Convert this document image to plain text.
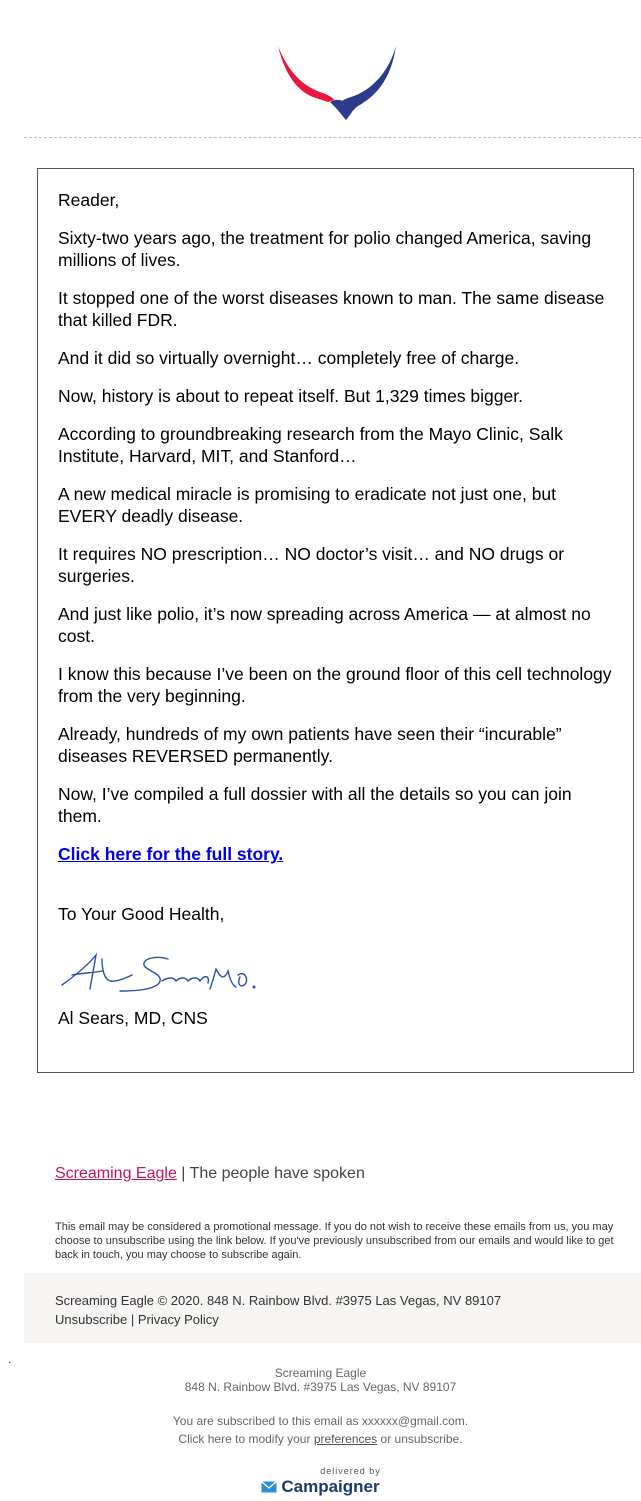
Reader,

Sixty-two years ago, the treatment for polio changed America, saving millions of lives.

It stopped one of the worst diseases known to man. The same disease that killed FDR.

And it did so virtually overnight… completely free of charge.

Now, history is about to repeat itself. But 1,329 times bigger.

According to groundbreaking research from the Mayo Clinic, Salk Institute, Harvard, MIT, and Stanford…

A new medical miracle is promising to eradicate not just one, but EVERY deadly disease.

It requires NO prescription… NO doctor’s visit… and NO drugs or surgeries.

And just like polio, it’s now spreading across America — at almost no cost.

I know this because I’ve been on the ground floor of this cell technology from the very beginning.

Already, hundreds of my own patients have seen their “incurable” diseases REVERSED permanently.

Now, I’ve compiled a full dossier with all the details so you can join them.

Click here for the full story.

To Your Good Health,

Al Sears, MD, CNS

Screaming Eagle | The people have spoken
This email may be considered a promotional message. If you do not wish to receive these emails from us, you may choose to unsubscribe using the link below. If you've previously unsubscribed from our emails and would like to get back in touch, you may choose to subscribe again.
Screaming Eagle © 2020. 848 N. Rainbow Blvd. #3975 Las Vegas, NV 89107
Unsubscribe | Privacy Policy
.
Screaming Eagle
848 N. Rainbow Blvd. #3975 Las Vegas, NV 89107
You are subscribed to this email as xxxxxx@gmail.com.
Click here to modify your preferences or unsubscribe.
delivered by
Campaigner
